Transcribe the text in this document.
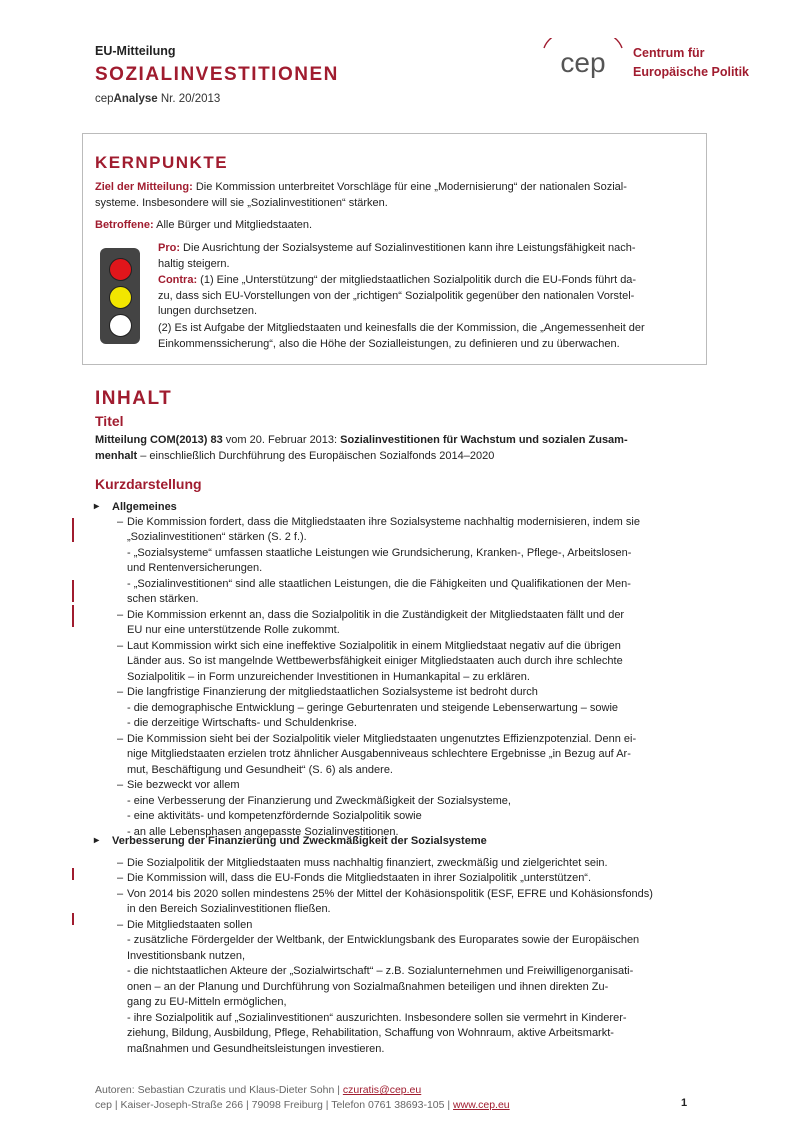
EU-Mitteilung
SOZIALINVESTITIONEN
cepAnalyse Nr. 20/2013
cep Centrum für
Europäische Politik
KERNPUNKTE
Ziel der Mitteilung: Die Kommission unterbreitet Vorschläge für eine „Modernisierung“ der nationalen Sozial-
systeme. Insbesondere will sie „Sozialinvestitionen“ stärken.
Betroffene: Alle Bürger und Mitgliedstaaten.
Pro: Die Ausrichtung der Sozialsysteme auf Sozialinvestitionen kann ihre Leistungsfähigkeit nach-
haltig steigern.
Contra: (1) Eine „Unterstützung“ der mitgliedstaatlichen Sozialpolitik durch die EU-Fonds führt da-
zu, dass sich EU-Vorstellungen von der „richtigen“ Sozialpolitik gegenüber den nationalen Vorstel-
lungen durchsetzen.
(2) Es ist Aufgabe der Mitgliedstaaten und keinesfalls die der Kommission, die „Angemessenheit der
Einkommenssicherung“, also die Höhe der Sozialleistungen, zu definieren und zu überwachen.
INHALT
Titel
Mitteilung COM(2013) 83 vom 20. Februar 2013: Sozialinvestitionen für Wachstum und sozialen Zusam-
menhalt – einschließlich Durchführung des Europäischen Sozialfonds 2014–2020
Kurzdarstellung
▸ Allgemeines
▸ Verbesserung der Finanzierung und Zweckmäßigkeit der Sozialsysteme
Die Kommission fordert, dass die Mitgliedstaaten ihre Sozialsysteme nachhaltig modernisieren, indem sie
–
„Sozialinvestitionen“ stärken (S. 2 f.).
- „Sozialsysteme“ umfassen staatliche Leistungen wie Grundsicherung, Kranken-, Pflege-, Arbeitslosen-
und Rentenversicherungen.
- „Sozialinvestitionen“ sind alle staatlichen Leistungen, die die Fähigkeiten und Qualifikationen der Men-
schen stärken.
Die Kommission erkennt an, dass die Sozialpolitik in die Zuständigkeit der Mitgliedstaaten fällt und der
–
EU nur eine unterstützende Rolle zukommt.
Laut Kommission wirkt sich eine ineffektive Sozialpolitik in einem Mitgliedstaat negativ auf die übrigen
–
Länder aus. So ist mangelnde Wettbewerbsfähigkeit einiger Mitgliedstaaten auch durch ihre schlechte
Sozialpolitik – in Form unzureichender Investitionen in Humankapital – zu erklären.
Die langfristige Finanzierung der mitgliedstaatlichen Sozialsysteme ist bedroht durch
–
- die demographische Entwicklung – geringe Geburtenraten und steigende Lebenserwartung – sowie
- die derzeitige Wirtschafts- und Schuldenkrise.
Die Kommission sieht bei der Sozialpolitik vieler Mitgliedstaaten ungenutztes Effizienzpotenzial. Denn ei-
–
nige Mitgliedstaaten erzielen trotz ähnlicher Ausgabenniveaus schlechtere Ergebnisse „in Bezug auf Ar-
mut, Beschäftigung und Gesundheit“ (S. 6) als andere.
Sie bezweckt vor allem
–
- eine Verbesserung der Finanzierung und Zweckmäßigkeit der Sozialsysteme,
- eine aktivitäts- und kompetenzfördernde Sozialpolitik sowie
- an alle Lebensphasen angepasste Sozialinvestitionen.
Die Sozialpolitik der Mitgliedstaaten muss nachhaltig finanziert, zweckmäßig und zielgerichtet sein.
–
Die Kommission will, dass die EU-Fonds die Mitgliedstaaten in ihrer Sozialpolitik „unterstützen“.
–
Von 2014 bis 2020 sollen mindestens 25% der Mittel der Kohäsionspolitik (ESF, EFRE und Kohäsionsfonds)
–
in den Bereich Sozialinvestitionen fließen.
Die Mitgliedstaaten sollen
–
- zusätzliche Fördergelder der Weltbank, der Entwicklungsbank des Europarates sowie der Europäischen
Investitionsbank nutzen,
- die nichtstaatlichen Akteure der „Sozialwirtschaft“ – z.B. Sozialunternehmen und Freiwilligenorganisati-
onen – an der Planung und Durchführung von Sozialmaßnahmen beteiligen und ihnen direkten Zu-
gang zu EU-Mitteln ermöglichen,
- ihre Sozialpolitik auf „Sozialinvestitionen“ auszurichten. Insbesondere sollen sie vermehrt in Kinderer-
ziehung, Bildung, Ausbildung, Pflege, Rehabilitation, Schaffung von Wohnraum, aktive Arbeitsmarkt-
maßnahmen und Gesundheitsleistungen investieren.
Autoren: Sebastian Czuratis und Klaus-Dieter Sohn | czuratis@cep.eu
cep | Kaiser-Joseph-Straße 266 | 79098 Freiburg | Telefon 0761 38693-105 | www.cep.eu	1
